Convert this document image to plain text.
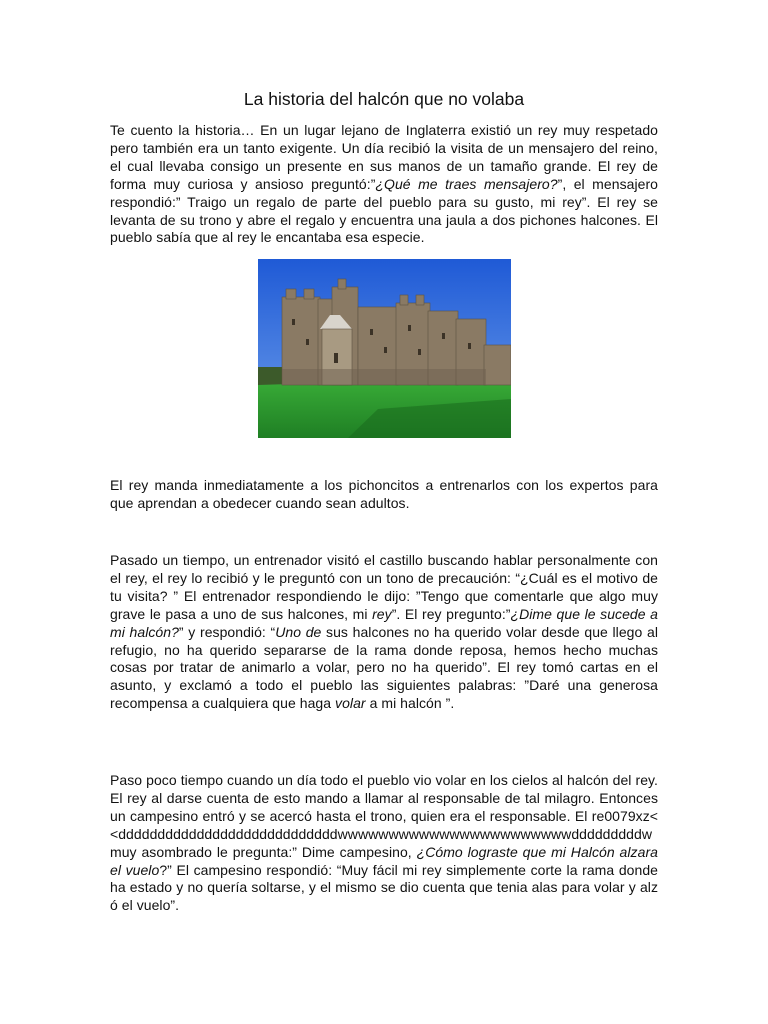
La historia del halcón que no volaba

Te cuento la historia… En un lugar lejano de Inglaterra existió un rey muy respetado pero también era un tanto exigente. Un día recibió la visita de un mensajero del reino, el cual llevaba consigo un presente en sus manos de un tamaño grande. El rey de forma muy curiosa y ansioso preguntó:”¿Qué me traes mensajero?”, el mensajero respondió:” Traigo un regalo de parte del pueblo para su gusto, mi rey”. El rey se levanta de su trono y abre el regalo y encuentra una jaula a dos pichones halcones. El pueblo sabía que al rey le encantaba esa especie.

El rey manda inmediatamente a los pichoncitos a entrenarlos con los expertos para que aprendan a obedecer cuando sean adultos.

Pasado un tiempo, un entrenador visitó el castillo buscando hablar personalmente con el rey, el rey lo recibió y le preguntó con un tono de precaución: “¿Cuál es el motivo de tu visita? ” El entrenador respondiendo le dijo: ”Tengo que comentarle que algo muy grave le pasa a uno de sus halcones, mi rey”. El rey pregunto:”¿Dime que le sucede a mi halcón?” y respondió: “Uno de sus halcones no ha querido volar desde que llego al refugio, no ha querido separarse de la rama donde reposa, hemos hecho muchas cosas por tratar de animarlo a volar, pero no ha querido”. El rey tomó cartas en el asunto, y exclamó a todo el pueblo las siguientes palabras: ”Daré una generosa recompensa a cualquiera que haga volar a mi halcón ”.

Paso poco tiempo cuando un día todo el pueblo vio volar en los cielos al halcón del rey. El rey al darse cuenta de esto mando a llamar al responsable de tal milagro. Entonces un campesino entró y se acercó hasta el trono, quien era el responsable. El re0079xz<<ddddddddddddddddddddddddddddwwwwwwwwwwwwwwwwwwwwwwwdddddddddw muy asombrado le pregunta:” Dime campesino, ¿Cómo lograste que mi Halcón alzara el vuelo?” El campesino respondió: “Muy fácil mi rey simplemente corte la rama donde ha estado y no quería soltarse, y el mismo se dio cuenta que tenia alas para volar y alzó el vuelo”.
